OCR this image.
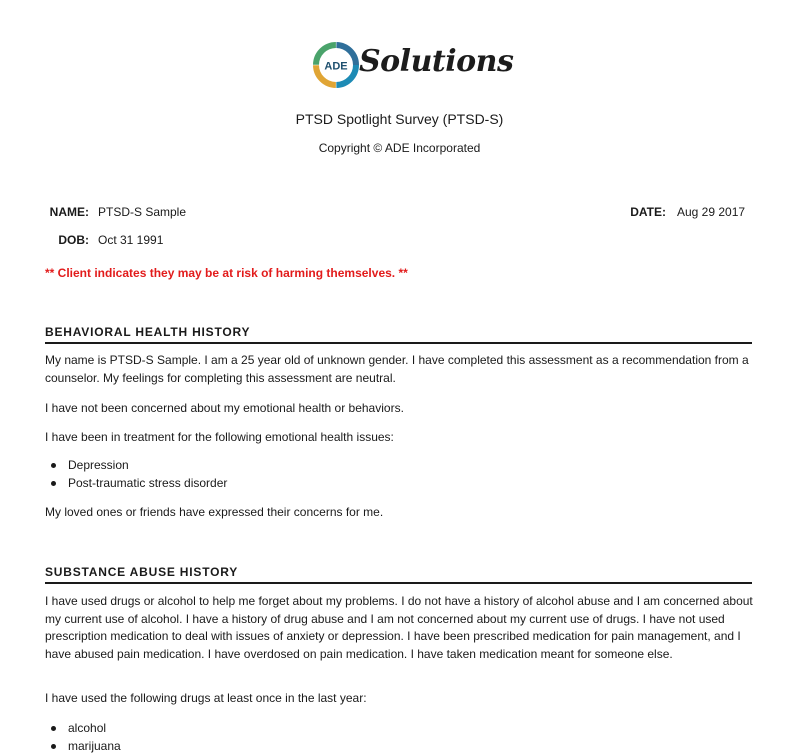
ADE Solutions
PTSD Spotlight Survey (PTSD-S)
Copyright © ADE Incorporated
NAME: PTSD-S Sample	DATE: Aug 29 2017
DOB: Oct 31 1991
** Client indicates they may be at risk of harming themselves. **
BEHAVIORAL HEALTH HISTORY
My name is PTSD-S Sample. I am a 25 year old of unknown gender. I have completed this assessment as a recommendation from a counselor. My feelings for completing this assessment are neutral.
I have not been concerned about my emotional health or behaviors.
I have been in treatment for the following emotional health issues:
Depression
Post-traumatic stress disorder
My loved ones or friends have expressed their concerns for me.
SUBSTANCE ABUSE HISTORY
I have used drugs or alcohol to help me forget about my problems. I do not have a history of alcohol abuse and I am concerned about my current use of alcohol. I have a history of drug abuse and I am not concerned about my current use of drugs. I have not used prescription medication to deal with issues of anxiety or depression. I have been prescribed medication for pain management, and I have abused pain medication. I have overdosed on pain medication. I have taken medication meant for someone else.
I have used the following drugs at least once in the last year:
alcohol
marijuana
